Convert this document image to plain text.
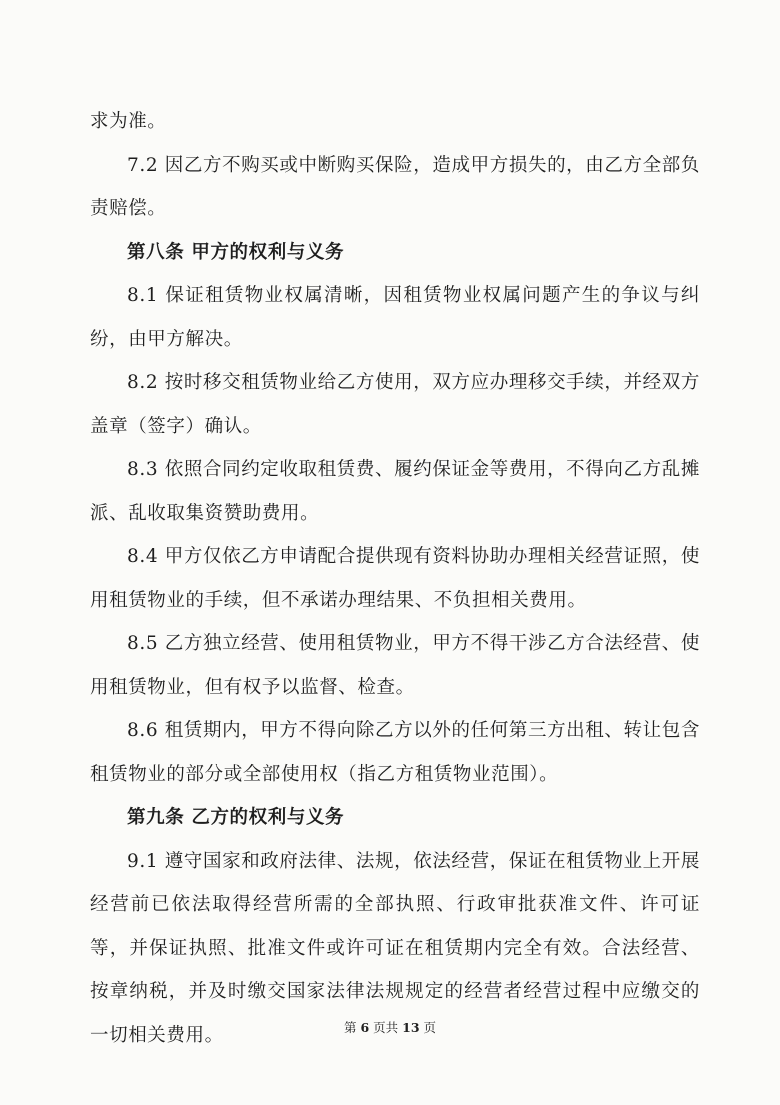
求为准。

7.2 因乙方不购买或中断购买保险，造成甲方损失的，由乙方全部负责赔偿。

第八条 甲方的权利与义务

8.1 保证租赁物业权属清晰，因租赁物业权属问题产生的争议与纠纷，由甲方解决。

8.2 按时移交租赁物业给乙方使用，双方应办理移交手续，并经双方盖章（签字）确认。

8.3 依照合同约定收取租赁费、履约保证金等费用，不得向乙方乱摊派、乱收取集资赞助费用。

8.4 甲方仅依乙方申请配合提供现有资料协助办理相关经营证照，使用租赁物业的手续，但不承诺办理结果、不负担相关费用。

8.5 乙方独立经营、使用租赁物业，甲方不得干涉乙方合法经营、使用租赁物业，但有权予以监督、检查。

8.6 租赁期内，甲方不得向除乙方以外的任何第三方出租、转让包含租赁物业的部分或全部使用权（指乙方租赁物业范围）。

第九条 乙方的权利与义务

9.1 遵守国家和政府法律、法规，依法经营，保证在租赁物业上开展经营前已依法取得经营所需的全部执照、行政审批获准文件、许可证等，并保证执照、批准文件或许可证在租赁期内完全有效。合法经营、按章纳税，并及时缴交国家法律法规规定的经营者经营过程中应缴交的一切相关费用。	第 6 页共 13 页
